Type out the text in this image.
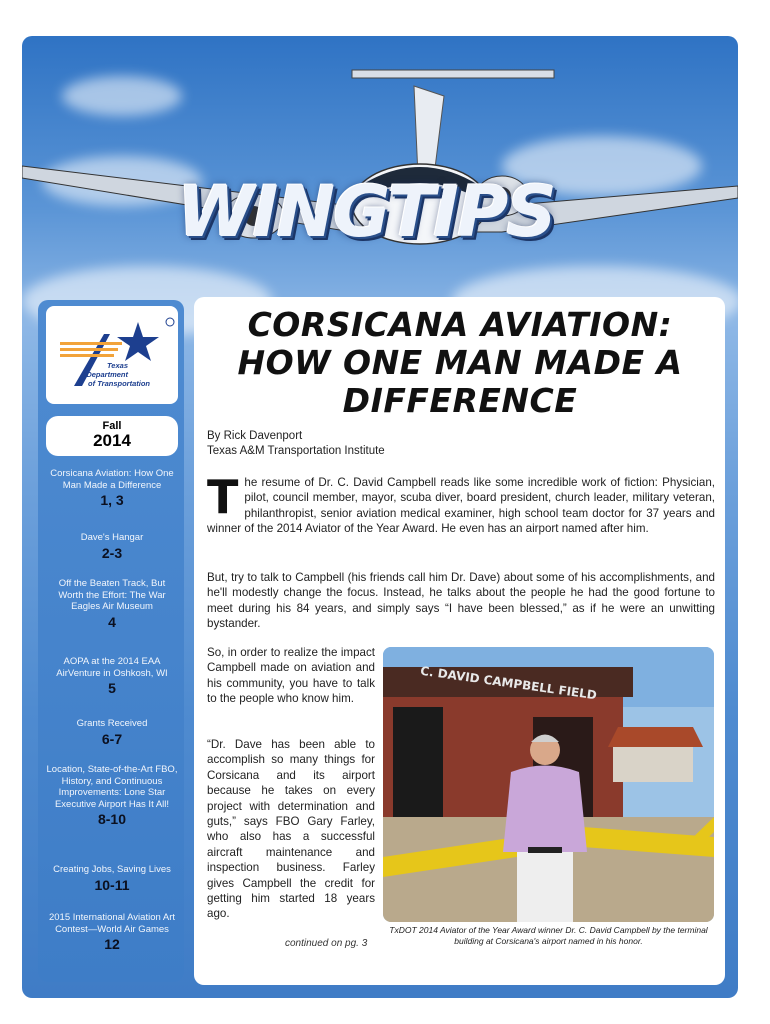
WINGTIPS
Texas
Department
of Transportation
Fall
2014
Corsicana Aviation: How One Man Made a Difference
1, 3
Dave's Hangar
2-3
Off the Beaten Track, But Worth the Effort: The War Eagles Air Museum
4
AOPA at the 2014 EAA AirVenture in Oshkosh, WI
5
Grants Received
6-7
Location, State-of-the-Art FBO, History, and Continuous Improvements: Lone Star Executive Airport Has It All!
8-10
Creating Jobs, Saving Lives
10-11
2015 International Aviation Art Contest—World Air Games
12
CORSICANA AVIATION:
HOW ONE MAN MADE A
DIFFERENCE
By Rick Davenport
Texas A&M Transportation Institute
The resume of Dr. C. David Campbell reads like some incredible work of fiction: Physician, pilot, council member, mayor, scuba diver, board president, church leader, military veteran, philanthropist, senior aviation medical examiner, high school team doctor for 37 years and winner of the 2014 Aviator of the Year Award. He even has an airport named after him.
But, try to talk to Campbell (his friends call him Dr. Dave) about some of his accomplishments, and he'll modestly change the focus. Instead, he talks about the people he had the good fortune to meet during his 84 years, and simply says “I have been blessed,” as if he were an unwitting bystander.
So, in order to realize the impact Campbell made on aviation and his community, you have to talk to the people who know him.
“Dr. Dave has been able to accomplish so many things for Corsicana and its airport because he takes on every project with determination and guts,” says FBO Gary Farley, who also has a successful aircraft maintenance and inspection business. Farley gives Campbell the credit for getting him started 18 years ago.
continued on pg. 3
C. DAVID CAMPBELL FIELD
TxDOT 2014 Aviator of the Year Award winner Dr. C. David Campbell by the terminal building at Corsicana's airport named in his honor.
